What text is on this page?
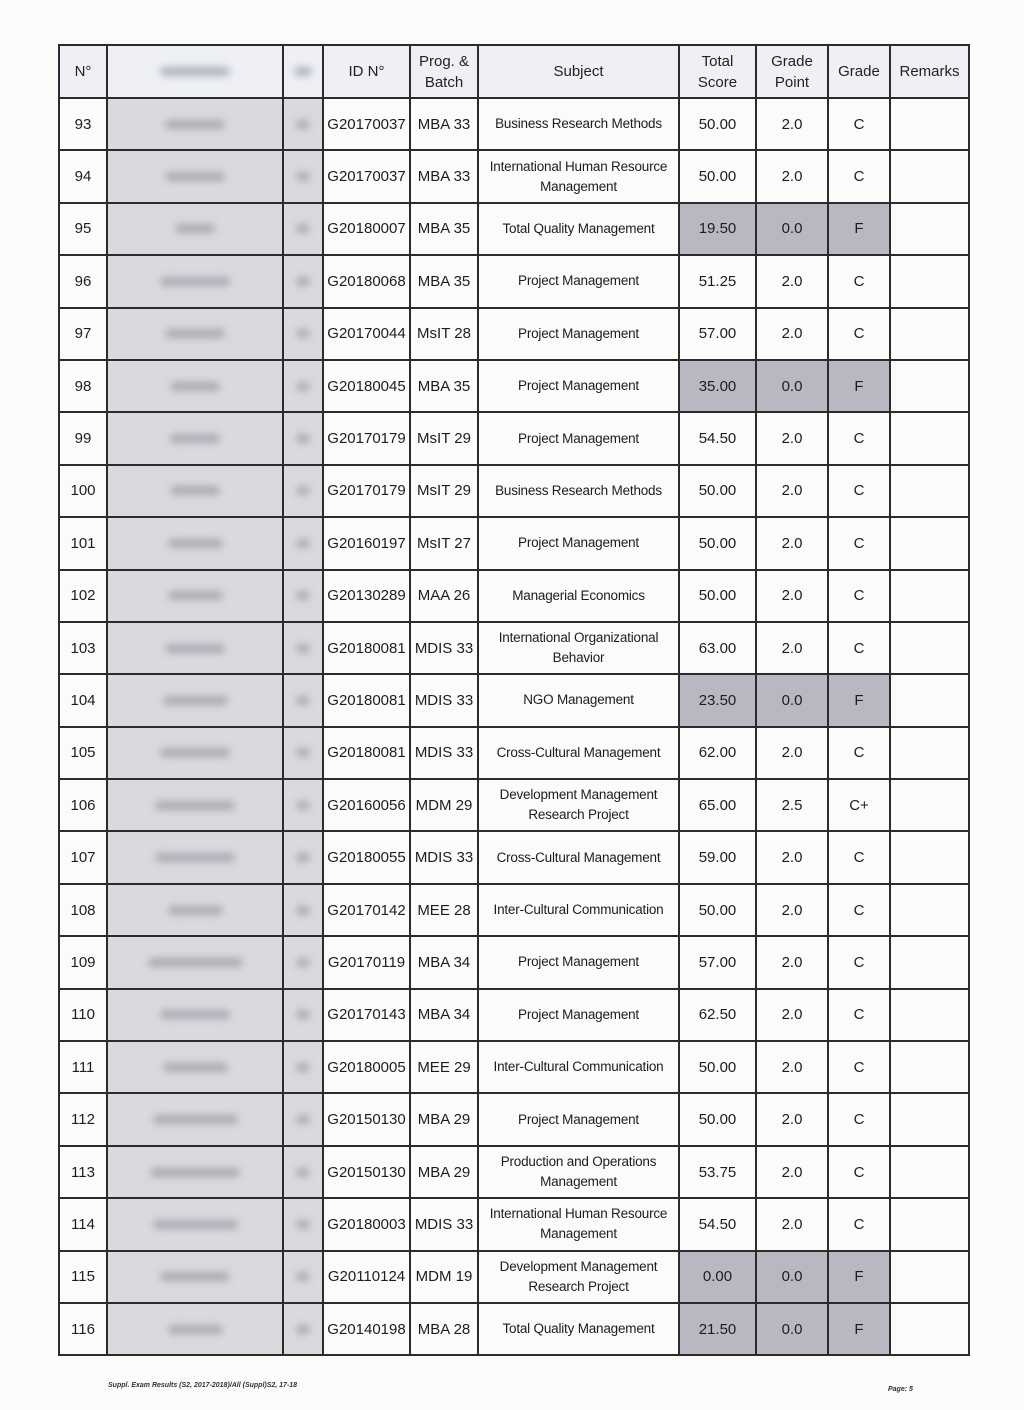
N°				ID N°	Prog. & Batch	Subject	Total Score	Grade Point	Grade	Remarks
93				G20170037	MBA 33	Business Research Methods	50.00	2.0	C	
94				G20170037	MBA 33	International Human Resource Management	50.00	2.0	C	
95				G20180007	MBA 35	Total Quality Management	19.50	0.0	F	
96				G20180068	MBA 35	Project Management	51.25	2.0	C	
97				G20170044	MsIT 28	Project Management	57.00	2.0	C	
98				G20180045	MBA 35	Project Management	35.00	0.0	F	
99				G20170179	MsIT 29	Project Management	54.50	2.0	C	
100				G20170179	MsIT 29	Business Research Methods	50.00	2.0	C	
101				G20160197	MsIT 27	Project Management	50.00	2.0	C	
102				G20130289	MAA 26	Managerial Economics	50.00	2.0	C	
103				G20180081	MDIS 33	International Organizational Behavior	63.00	2.0	C	
104				G20180081	MDIS 33	NGO Management	23.50	0.0	F	
105				G20180081	MDIS 33	Cross-Cultural Management	62.00	2.0	C	
106				G20160056	MDM 29	Development Management Research Project	65.00	2.5	C+	
107				G20180055	MDIS 33	Cross-Cultural Management	59.00	2.0	C	
108				G20170142	MEE 28	Inter-Cultural Communication	50.00	2.0	C	
109				G20170119	MBA 34	Project Management	57.00	2.0	C	
110				G20170143	MBA 34	Project Management	62.50	2.0	C	
111				G20180005	MEE 29	Inter-Cultural Communication	50.00	2.0	C	
112				G20150130	MBA 29	Project Management	50.00	2.0	C	
113				G20150130	MBA 29	Production and Operations Management	53.75	2.0	C	
114				G20180003	MDIS 33	International Human Resource Management	54.50	2.0	C	
115				G20110124	MDM 19	Development Management Research Project	0.00	0.0	F	
116				G20140198	MBA 28	Total Quality Management	21.50	0.0	F	
Suppl. Exam Results (S2, 2017-2018)/All (Suppl)S2, 17-18
Page: 5
